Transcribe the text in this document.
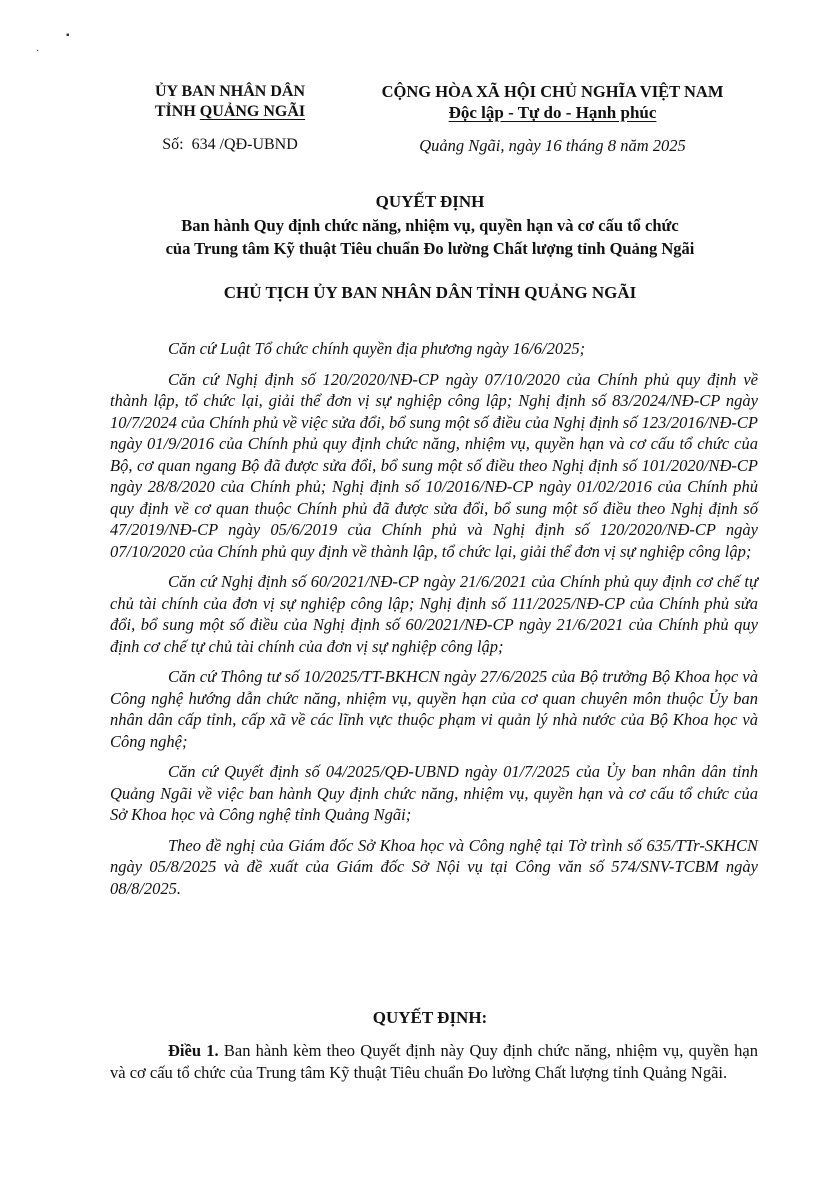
▪
·
ỦY BAN NHÂN DÂN
TỈNH QUẢNG NGÃI
Số: 634 /QĐ-UBND
CỘNG HÒA XÃ HỘI CHỦ NGHĨA VIỆT NAM
Độc lập - Tự do - Hạnh phúc
Quảng Ngãi, ngày 16 tháng 8 năm 2025
QUYẾT ĐỊNH
Ban hành Quy định chức năng, nhiệm vụ, quyền hạn và cơ cấu tổ chức
của Trung tâm Kỹ thuật Tiêu chuẩn Đo lường Chất lượng tỉnh Quảng Ngãi
CHỦ TỊCH ỦY BAN NHÂN DÂN TỈNH QUẢNG NGÃI

Căn cứ Luật Tổ chức chính quyền địa phương ngày 16/6/2025;

Căn cứ Nghị định số 120/2020/NĐ-CP ngày 07/10/2020 của Chính phủ quy định về thành lập, tổ chức lại, giải thể đơn vị sự nghiệp công lập; Nghị định số 83/2024/NĐ-CP ngày 10/7/2024 của Chính phủ về việc sửa đổi, bổ sung một số điều của Nghị định số 123/2016/NĐ-CP ngày 01/9/2016 của Chính phủ quy định chức năng, nhiệm vụ, quyền hạn và cơ cấu tổ chức của Bộ, cơ quan ngang Bộ đã được sửa đổi, bổ sung một số điều theo Nghị định số 101/2020/NĐ-CP ngày 28/8/2020 của Chính phủ; Nghị định số 10/2016/NĐ-CP ngày 01/02/2016 của Chính phủ quy định về cơ quan thuộc Chính phủ đã được sửa đổi, bổ sung một số điều theo Nghị định số 47/2019/NĐ-CP ngày 05/6/2019 của Chính phủ và Nghị định số 120/2020/NĐ-CP ngày 07/10/2020 của Chính phủ quy định về thành lập, tổ chức lại, giải thể đơn vị sự nghiệp công lập;

Căn cứ Nghị định số 60/2021/NĐ-CP ngày 21/6/2021 của Chính phủ quy định cơ chế tự chủ tài chính của đơn vị sự nghiệp công lập; Nghị định số 111/2025/NĐ-CP của Chính phủ sửa đổi, bổ sung một số điều của Nghị định số 60/2021/NĐ-CP ngày 21/6/2021 của Chính phủ quy định cơ chế tự chủ tài chính của đơn vị sự nghiệp công lập;

Căn cứ Thông tư số 10/2025/TT-BKHCN ngày 27/6/2025 của Bộ trưởng Bộ Khoa học và Công nghệ hướng dẫn chức năng, nhiệm vụ, quyền hạn của cơ quan chuyên môn thuộc Ủy ban nhân dân cấp tỉnh, cấp xã về các lĩnh vực thuộc phạm vi quản lý nhà nước của Bộ Khoa học và Công nghệ;

Căn cứ Quyết định số 04/2025/QĐ-UBND ngày 01/7/2025 của Ủy ban nhân dân tỉnh Quảng Ngãi về việc ban hành Quy định chức năng, nhiệm vụ, quyền hạn và cơ cấu tổ chức của Sở Khoa học và Công nghệ tỉnh Quảng Ngãi;

Theo đề nghị của Giám đốc Sở Khoa học và Công nghệ tại Tờ trình số 635/TTr-SKHCN ngày 05/8/2025 và đề xuất của Giám đốc Sở Nội vụ tại Công văn số 574/SNV-TCBM ngày 08/8/2025.

QUYẾT ĐỊNH:

Điều 1. Ban hành kèm theo Quyết định này Quy định chức năng, nhiệm vụ, quyền hạn và cơ cấu tổ chức của Trung tâm Kỹ thuật Tiêu chuẩn Đo lường Chất lượng tỉnh Quảng Ngãi.
